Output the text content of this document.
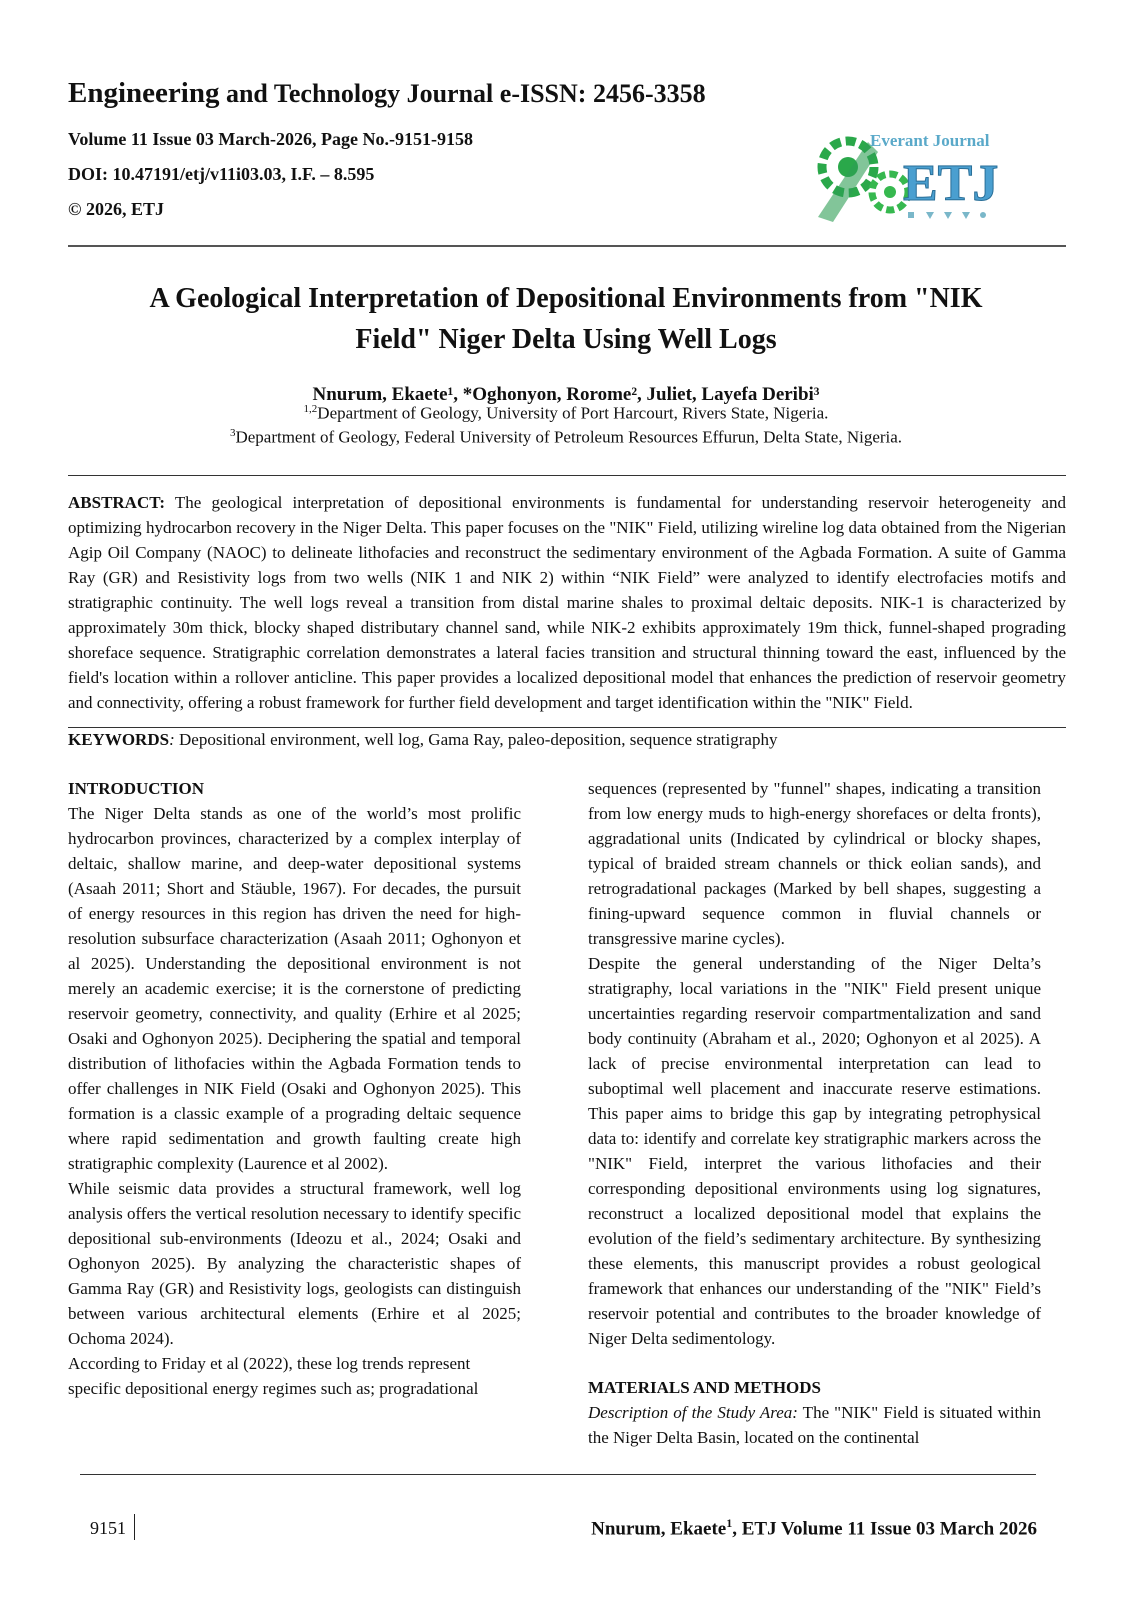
Engineering and Technology Journal e-ISSN: 2456-3358
Volume 11 Issue 03 March-2026, Page No.-9151-9158
DOI: 10.47191/etj/v11i03.03, I.F. – 8.595
© 2026, ETJ
Everant Journal
ETJ
A Geological Interpretation of Depositional Environments from "NIK
Field" Niger Delta Using Well Logs
Nnurum, Ekaete¹, *Oghonyon, Rorome², Juliet, Layefa Deribi³
$^{1,2}$Department of Geology, University of Port Harcourt, Rivers State, Nigeria.
$^3$Department of Geology, Federal University of Petroleum Resources Effurun, Delta State, Nigeria.
ABSTRACT: The geological interpretation of depositional environments is fundamental for understanding reservoir heterogeneity and optimizing hydrocarbon recovery in the Niger Delta. This paper focuses on the "NIK" Field, utilizing wireline log data obtained from the Nigerian Agip Oil Company (NAOC) to delineate lithofacies and reconstruct the sedimentary environment of the Agbada Formation. A suite of Gamma Ray (GR) and Resistivity logs from two wells (NIK 1 and NIK 2) within “NIK Field” were analyzed to identify electrofacies motifs and stratigraphic continuity. The well logs reveal a transition from distal marine shales to proximal deltaic deposits. NIK-1 is characterized by approximately 30m thick, blocky shaped distributary channel sand, while NIK-2 exhibits approximately 19m thick, funnel-shaped prograding shoreface sequence. Stratigraphic correlation demonstrates a lateral facies transition and structural thinning toward the east, influenced by the field's location within a rollover anticline. This paper provides a localized depositional model that enhances the prediction of reservoir geometry and connectivity, offering a robust framework for further field development and target identification within the "NIK" Field.
KEYWORDS: Depositional environment, well log, Gama Ray, paleo-deposition, sequence stratigraphy

INTRODUCTION

The Niger Delta stands as one of the world’s most prolific hydrocarbon provinces, characterized by a complex interplay of deltaic, shallow marine, and deep-water depositional systems (Asaah 2011; Short and Stäuble, 1967). For decades, the pursuit of energy resources in this region has driven the need for high-resolution subsurface characterization (Asaah 2011; Oghonyon et al 2025). Understanding the depositional environment is not merely an academic exercise; it is the cornerstone of predicting reservoir geometry, connectivity, and quality (Erhire et al 2025; Osaki and Oghonyon 2025). Deciphering the spatial and temporal distribution of lithofacies within the Agbada Formation tends to offer challenges in NIK Field (Osaki and Oghonyon 2025). This formation is a classic example of a prograding deltaic sequence where rapid sedimentation and growth faulting create high stratigraphic complexity (Laurence et al 2002).

While seismic data provides a structural framework, well log analysis offers the vertical resolution necessary to identify specific depositional sub-environments (Ideozu et al., 2024; Osaki and Oghonyon 2025). By analyzing the characteristic shapes of Gamma Ray (GR) and Resistivity logs, geologists can distinguish between various architectural elements (Erhire et al 2025; Ochoma 2024).

According to Friday et al (2022), these log trends represent specific depositional energy regimes such as; progradational

sequences (represented by "funnel" shapes, indicating a transition from low energy muds to high-energy shorefaces or delta fronts), aggradational units (Indicated by cylindrical or blocky shapes, typical of braided stream channels or thick eolian sands), and retrogradational packages (Marked by bell shapes, suggesting a fining-upward sequence common in fluvial channels or transgressive marine cycles).

Despite the general understanding of the Niger Delta’s stratigraphy, local variations in the "NIK" Field present unique uncertainties regarding reservoir compartmentalization and sand body continuity (Abraham et al., 2020; Oghonyon et al 2025). A lack of precise environmental interpretation can lead to suboptimal well placement and inaccurate reserve estimations. This paper aims to bridge this gap by integrating petrophysical data to: identify and correlate key stratigraphic markers across the "NIK" Field, interpret the various lithofacies and their corresponding depositional environments using log signatures, reconstruct a localized depositional model that explains the evolution of the field’s sedimentary architecture. By synthesizing these elements, this manuscript provides a robust geological framework that enhances our understanding of the "NIK" Field’s reservoir potential and contributes to the broader knowledge of Niger Delta sedimentology.

MATERIALS AND METHODS

Description of the Study Area: The "NIK" Field is situated within the Niger Delta Basin, located on the continental

9151	Nnurum, Ekaete$^1$, ETJ Volume 11 Issue 03 March 2026
